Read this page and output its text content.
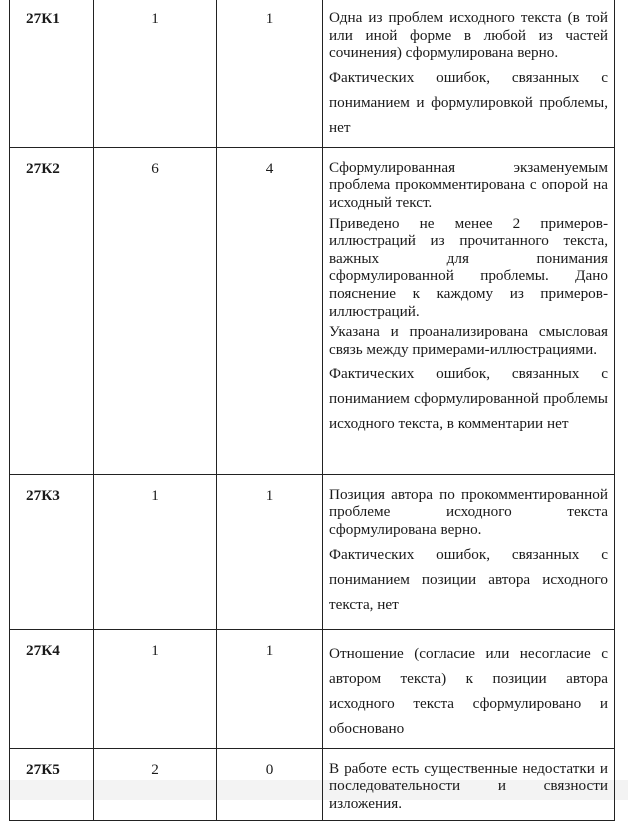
27К1	1	1	Одна из проблем исходного текста (в той или иной форме в любой из частей сочинения) сформулирована верно.
Фактических ошибок, связанных с пониманием и формулировкой проблемы, нет

27К2	6	4	Сформулированная экзаменуемым проблема прокомментирована с опорой на исходный текст.
Приведено не менее 2 примеров-иллюстраций из прочитанного текста, важных для понимания сформулированной проблемы. Дано пояснение к каждому из примеров-иллюстраций.
Указана и проанализирована смысловая связь между примерами-иллюстрациями.
Фактических ошибок, связанных с пониманием сформулированной проблемы исходного текста, в комментарии нет

27К3	1	1	Позиция автора по прокомментированной проблеме исходного текста сформулирована верно.
Фактических ошибок, связанных с пониманием позиции автора исходного текста, нет

27К4	1	1	Отношение (согласие или несогласие с автором текста) к позиции автора исходного текста сформулировано и обосновано

27К5	2	0	В работе есть существенные недостатки и последовательности и связности изложения.
